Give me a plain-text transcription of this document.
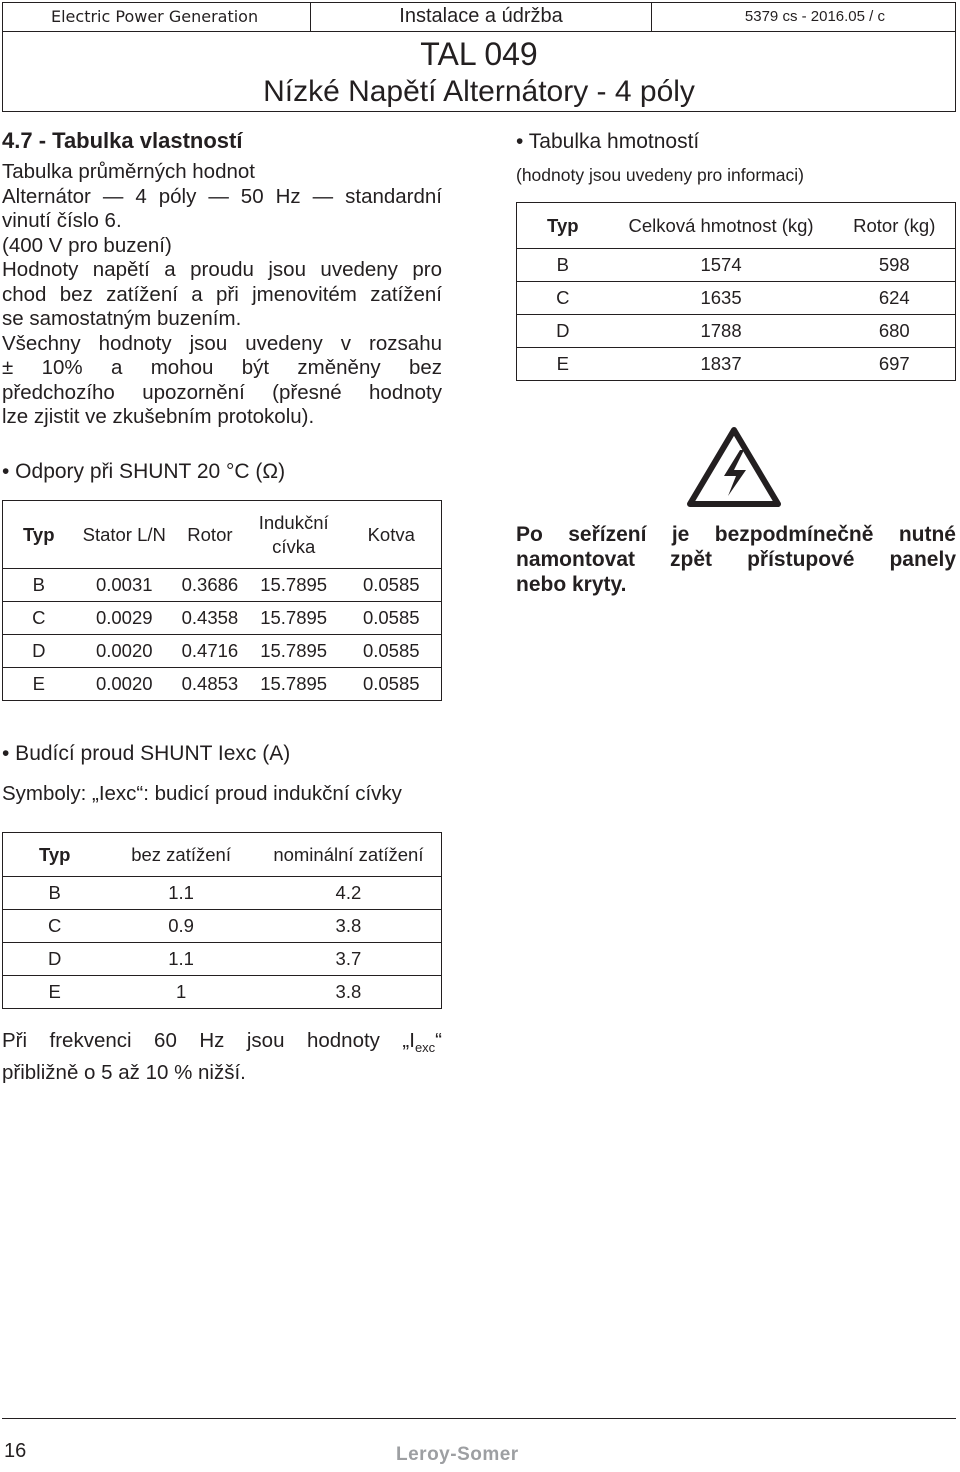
Electric Power Generation	Instalace a údržba	5379 cs - 2016.05 / c
TAL 049
Nízké Napětí Alternátory - 4 póly
4.7 - Tabulka vlastností
Tabulka průměrných hodnot
Alternátor — 4 póly — 50 Hz — standardní
vinutí číslo 6.
(400 V pro buzení)
Hodnoty napětí a proudu jsou uvedeny pro
chod bez zatížení a při jmenovitém zatížení
se samostatným buzením.
Všechny hodnoty jsou uvedeny v rozsahu
± 10% a mohou být změněny bez
předchozího upozornění (přesné hodnoty
lze zjistit ve zkušebním protokolu).
• Odpory při SHUNT 20 °C (Ω)
Typ	Stator L/N	Rotor	Indukční cívka	Kotva
B	0.0031	0.3686	15.7895	0.0585
C	0.0029	0.4358	15.7895	0.0585
D	0.0020	0.4716	15.7895	0.0585
E	0.0020	0.4853	15.7895	0.0585
• Budící proud SHUNT Iexc (A)
Symboly: „Iexc“: budicí proud indukční cívky
Typ	bez zatížení	nominální zatížení
B	1.1	4.2
C	0.9	3.8
D	1.1	3.7
E	1	3.8
Při frekvenci 60 Hz jsou hodnoty $„I_{exc}“$
přibližně o 5 až 10 % nižší.
• Tabulka hmotností
(hodnoty jsou uvedeny pro informaci)
Typ	Celková hmotnost (kg)	Rotor (kg)
B	1574	598
C	1635	624
D	1788	680
E	1837	697
Po seřízení je bezpodmínečně nutné
namontovat zpět přístupové panely
nebo kryty.
16	Leroy-Somer
